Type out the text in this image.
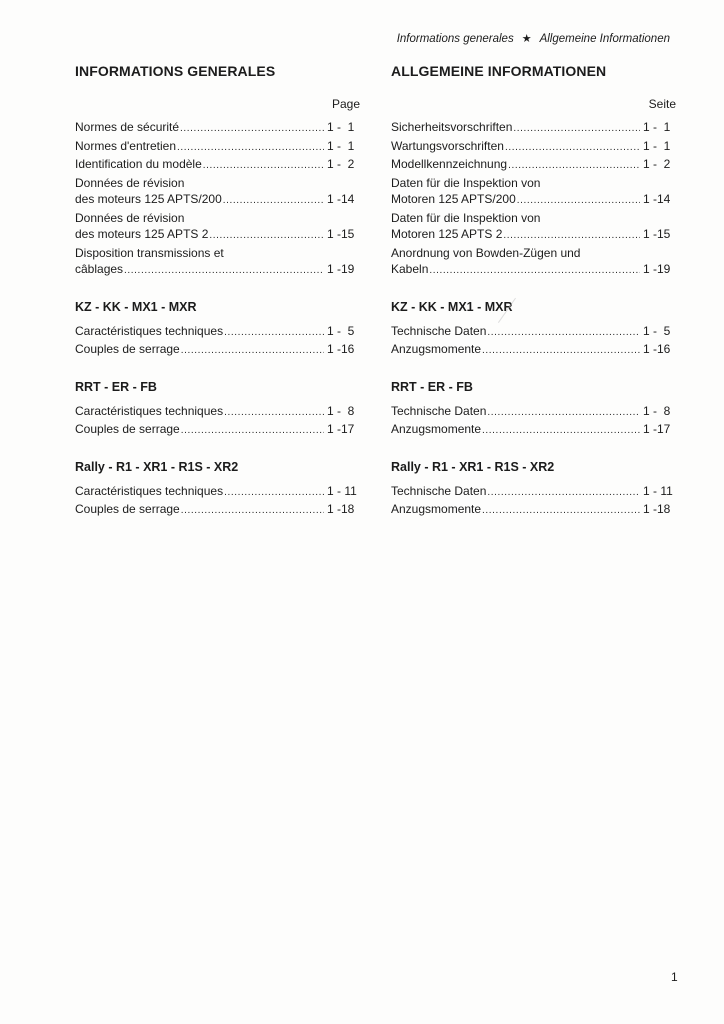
Informations generales ★ Allgemeine Informationen
INFORMATIONS GENERALES
Page
Normes de sécurité .....	1 -  1
Normes d'entretien .....	1 -  1
Identification du modèle .....	1 -  2
Données de révision
des moteurs 125 APTS/200 .....	1 -14
Données de révision
des moteurs 125 APTS 2 .....	1 -15
Disposition transmissions et
câblages .....	1 -19
KZ - KK - MX1 - MXR
Caractéristiques techniques .....	1 -  5
Couples de serrage .....	1 -16
RRT - ER - FB
Caractéristiques techniques .....	1 -  8
Couples de serrage .....	1 -17
Rally - R1 - XR1 - R1S - XR2
Caractéristiques techniques .....	1 - 11
Couples de serrage .....	1 -18
ALLGEMEINE INFORMATIONEN
Seite
Sicherheitsvorschriften .....	1 -  1
Wartungsvorschriften .....	1 -  1
Modellkennzeichnung .....	1 -  2
Daten für die Inspektion von
Motoren 125 APTS/200 .....	1 -14
Daten für die Inspektion von
Motoren 125 APTS 2 .....	1 -15
Anordnung von Bowden-Zügen und
Kabeln .....	1 -19
KZ - KK - MX1 - MXR
Technische Daten .....	1 -  5
Anzugsmomente .....	1 -16
RRT - ER - FB
Technische Daten .....	1 -  8
Anzugsmomente .....	1 -17
Rally - R1 - XR1 - R1S - XR2
Technische Daten .....	1 - 11
Anzugsmomente .....	1 -18
1
